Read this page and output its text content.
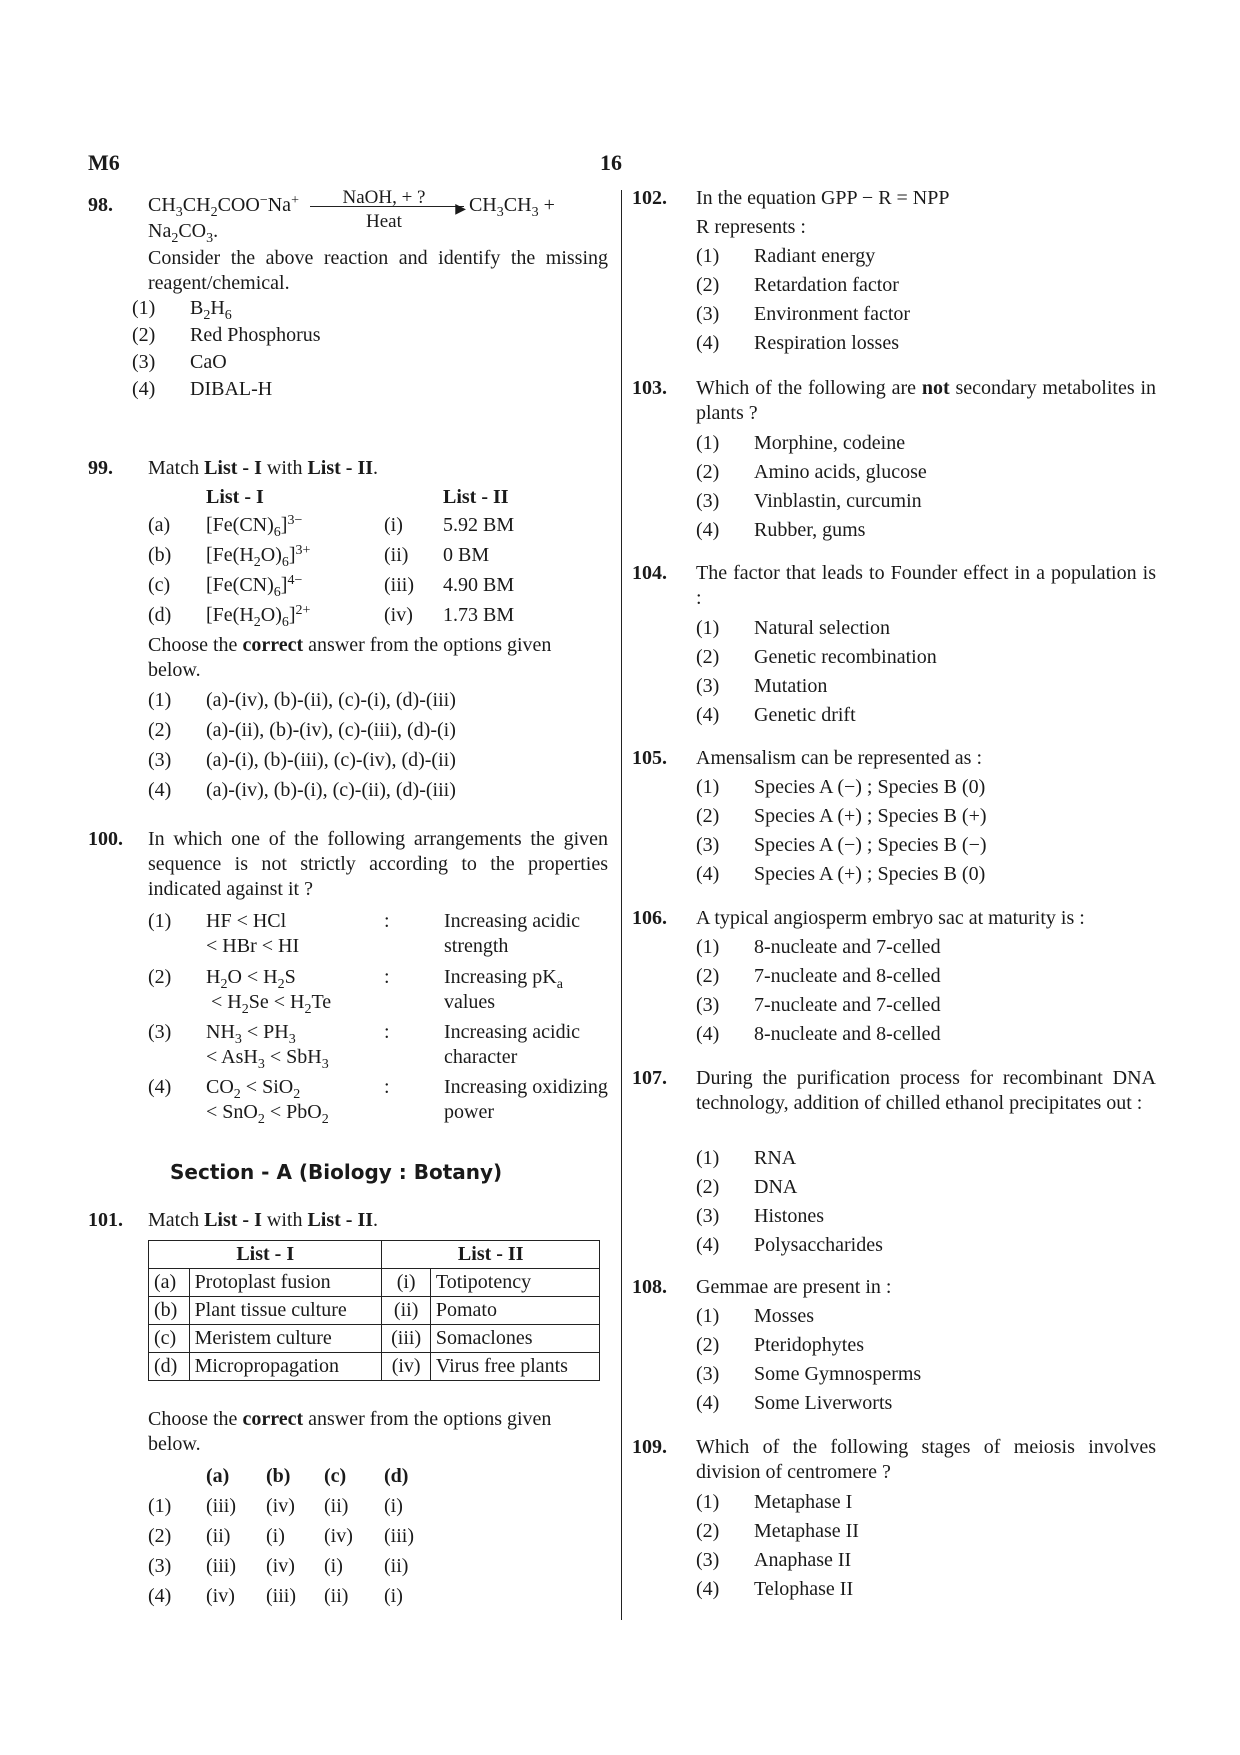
M6	16
98. $CH_3CH_2COO^-Na^+$	NaOH, + ?
▶
Heat
$CH_3CH_3$ +
$Na_2CO_3$.
Consider the above reaction and identify the missing reagent/chemical.
(1) $B_2H_6$
(2) Red Phosphorus
(3) CaO
(4) DIBAL-H
99. Match List - I with List - II.
List - I	List - II
(a) $[Fe(CN)_6]^{3-}$	(i) 5.92 BM
(b) $[Fe(H_2O)_6]^{3+}$	(ii) 0 BM
(c) $[Fe(CN)_6]^{4-}$	(iii) 4.90 BM
(d) $[Fe(H_2O)_6]^{2+}$	(iv) 1.73 BM
Choose the correct answer from the options given below.
(1) (a)-(iv), (b)-(ii), (c)-(i), (d)-(iii)
(2) (a)-(ii), (b)-(iv), (c)-(iii), (d)-(i)
(3) (a)-(i), (b)-(iii), (c)-(iv), (d)-(ii)
(4) (a)-(iv), (b)-(i), (c)-(ii), (d)-(iii)
100. In which one of the following arrangements the given sequence is not strictly according to the properties indicated against it ?
(1) HF < HCl
< HBr < HI
:	Increasing acidic strength
(2) $H_2O < H_2S$
< $H_2Se < H_2Te$
:	Increasing $pK_a$
values
(3) $NH_3 < PH_3$
< AsH$_3$ < SbH$_3$
:	Increasing acidic character
(4) $CO_2 < SiO_2$
< SnO$_2$ < PbO$_2$
:	Increasing oxidizing power
Section - A (Biology : Botany)
101. Match List - I with List - II.
List - I		List - II	
(a)	Protoplast fusion	(i)	Totipotency
(b)	Plant tissue culture	(ii)	Pomato
(c)	Meristem culture	(iii)	Somaclones
(d)	Micropropagation	(iv)	Virus free plants
Choose the correct answer from the options given below.
(a) (b) (c) (d)
(1) (iii) (iv) (ii) (i)
(2) (ii) (i) (iv) (iii)
(3) (iii) (iv) (i) (ii)
(4) (iv) (iii) (ii) (i)
102. In the equation GPP − R = NPP
R represents :
(1) Radiant energy
(2) Retardation factor
(3) Environment factor
(4) Respiration losses
103. Which of the following are not secondary metabolites in plants ?
(1) Morphine, codeine
(2) Amino acids, glucose
(3) Vinblastin, curcumin
(4) Rubber, gums
104. The factor that leads to Founder effect in a population is :
(1) Natural selection
(2) Genetic recombination
(3) Mutation
(4) Genetic drift
105. Amensalism can be represented as :
(1) Species A (−) ; Species B (0)
(2) Species A (+) ; Species B (+)
(3) Species A (−) ; Species B (−)
(4) Species A (+) ; Species B (0)
106. A typical angiosperm embryo sac at maturity is :
(1) 8-nucleate and 7-celled
(2) 7-nucleate and 8-celled
(3) 7-nucleate and 7-celled
(4) 8-nucleate and 8-celled
107. During the purification process for recombinant DNA technology, addition of chilled ethanol precipitates out :
(1) RNA
(2) DNA
(3) Histones
(4) Polysaccharides
108. Gemmae are present in :
(1) Mosses
(2) Pteridophytes
(3) Some Gymnosperms
(4) Some Liverworts
109. Which of the following stages of meiosis involves division of centromere ?
(1) Metaphase I
(2) Metaphase II
(3) Anaphase II
(4) Telophase II
